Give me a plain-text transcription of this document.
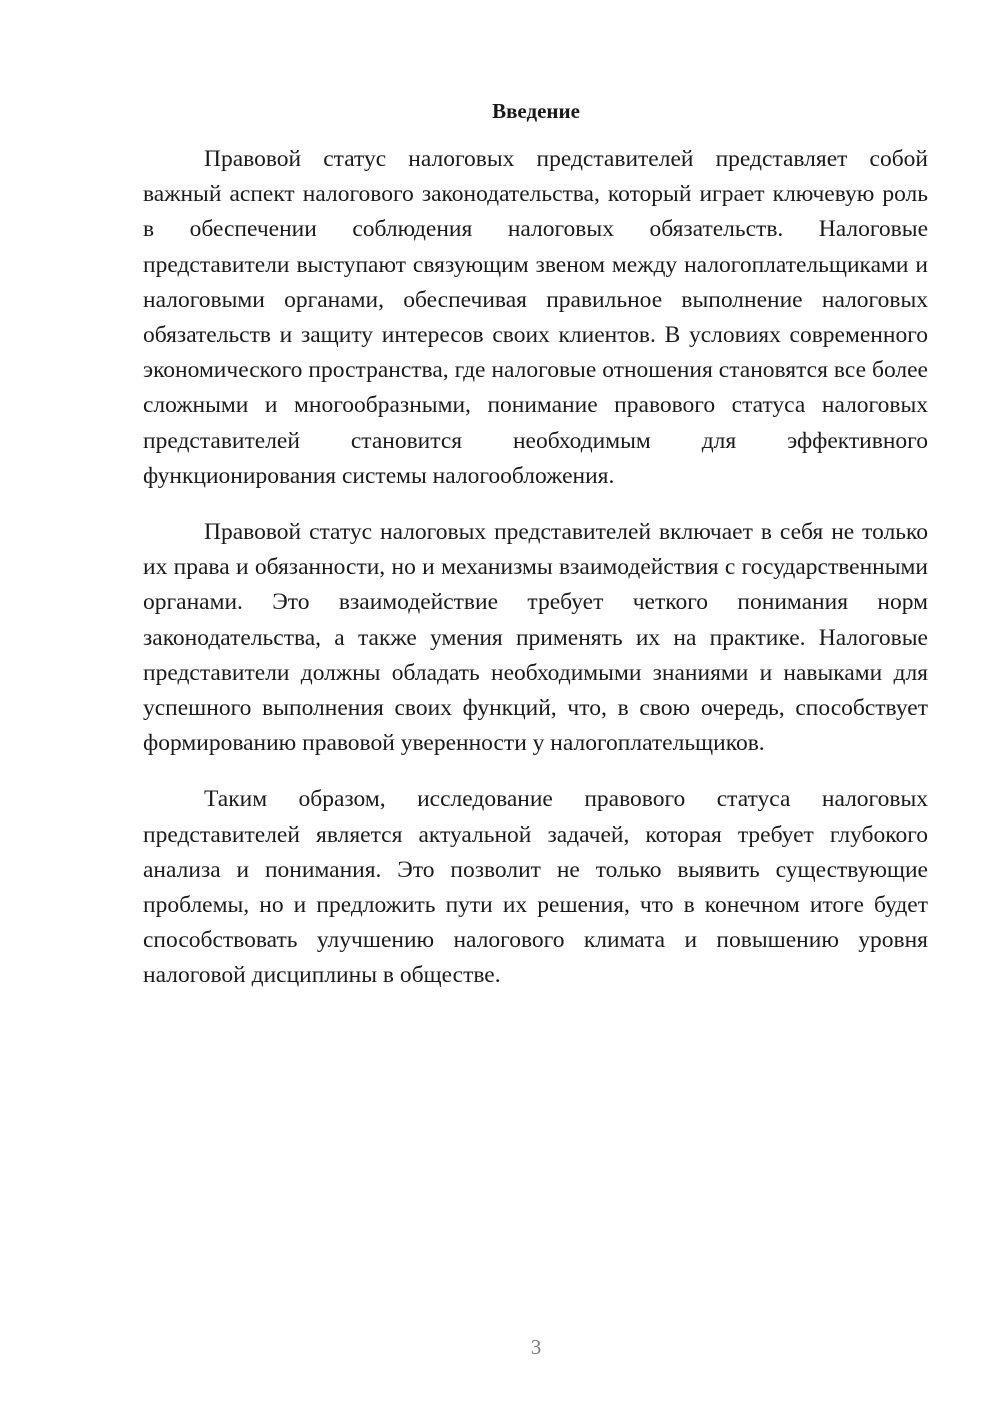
Введение

Правовой статус налоговых представителей представляет собой важный аспект налогового законодательства, который играет ключевую роль в обеспечении соблюдения налоговых обязательств. Налоговые представители выступают связующим звеном между налогоплательщиками и налоговыми органами, обеспечивая правильное выполнение налоговых обязательств и защиту интересов своих клиентов. В условиях современного экономического пространства, где налоговые отношения становятся все более сложными и многообразными, понимание правового статуса налоговых представителей становится необходимым для эффективного функционирования системы налогообложения.

Правовой статус налоговых представителей включает в себя не только их права и обязанности, но и механизмы взаимодействия с государственными органами. Это взаимодействие требует четкого понимания норм законодательства, а также умения применять их на практике. Налоговые представители должны обладать необходимыми знаниями и навыками для успешного выполнения своих функций, что, в свою очередь, способствует формированию правовой уверенности у налогоплательщиков.

Таким образом, исследование правового статуса налоговых представителей является актуальной задачей, которая требует глубокого анализа и понимания. Это позволит не только выявить существующие проблемы, но и предложить пути их решения, что в конечном итоге будет способствовать улучшению налогового климата и повышению уровня налоговой дисциплины в обществе.

3
